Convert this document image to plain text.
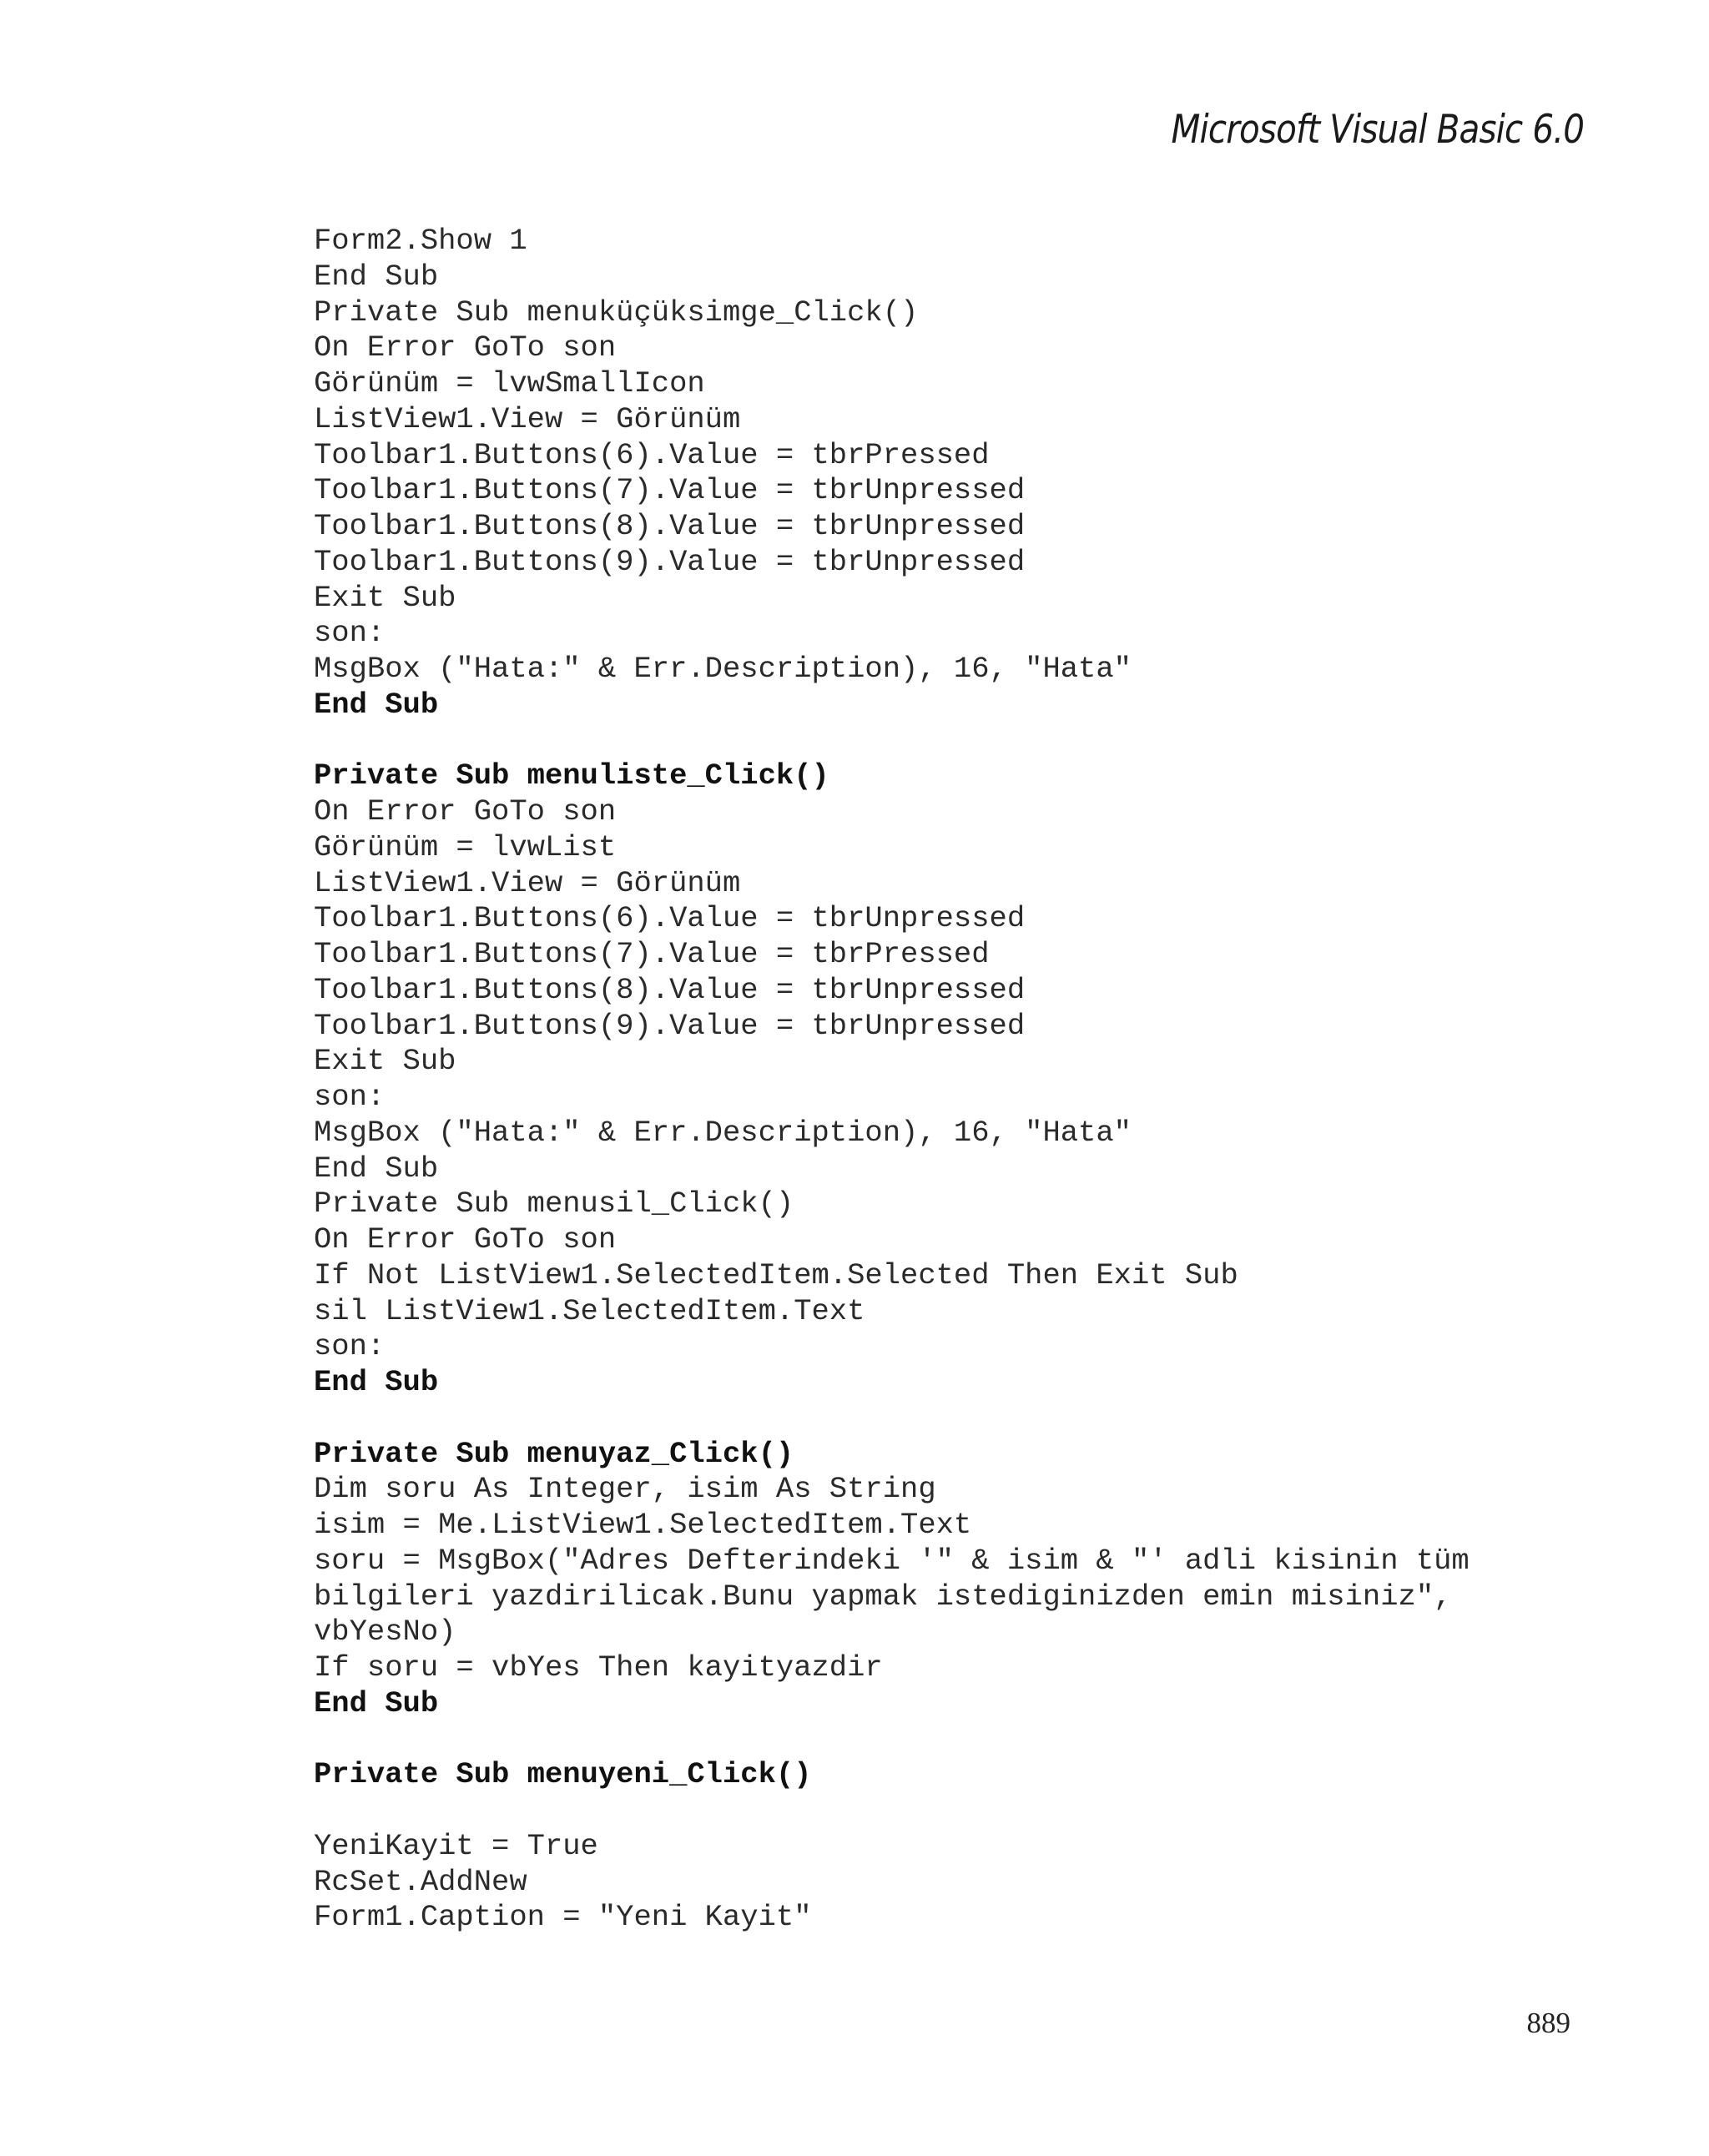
Microsoft Visual Basic 6.0
Form2.Show 1
End Sub
Private Sub menuküçüksimge_Click()
On Error GoTo son
Görünüm = lvwSmallIcon
ListView1.View = Görünüm
Toolbar1.Buttons(6).Value = tbrPressed
Toolbar1.Buttons(7).Value = tbrUnpressed
Toolbar1.Buttons(8).Value = tbrUnpressed
Toolbar1.Buttons(9).Value = tbrUnpressed
Exit Sub
son:
MsgBox ("Hata:" & Err.Description), 16, "Hata"
End Sub
Private Sub menuliste_Click()
On Error GoTo son
Görünüm = lvwList
ListView1.View = Görünüm
Toolbar1.Buttons(6).Value = tbrUnpressed
Toolbar1.Buttons(7).Value = tbrPressed
Toolbar1.Buttons(8).Value = tbrUnpressed
Toolbar1.Buttons(9).Value = tbrUnpressed
Exit Sub
son:
MsgBox ("Hata:" & Err.Description), 16, "Hata"
End Sub
Private Sub menusil_Click()
On Error GoTo son
If Not ListView1.SelectedItem.Selected Then Exit Sub
sil ListView1.SelectedItem.Text
son:
End Sub
Private Sub menuyaz_Click()
Dim soru As Integer, isim As String
isim = Me.ListView1.SelectedItem.Text
soru = MsgBox("Adres Defterindeki '" & isim & "' adli kisinin tüm
bilgileri yazdirilicak.Bunu yapmak istediginizden emin misiniz",
vbYesNo)
If soru = vbYes Then kayityazdir
End Sub
Private Sub menuyeni_Click()
YeniKayit = True
RcSet.AddNew
Form1.Caption = "Yeni Kayit"
889
